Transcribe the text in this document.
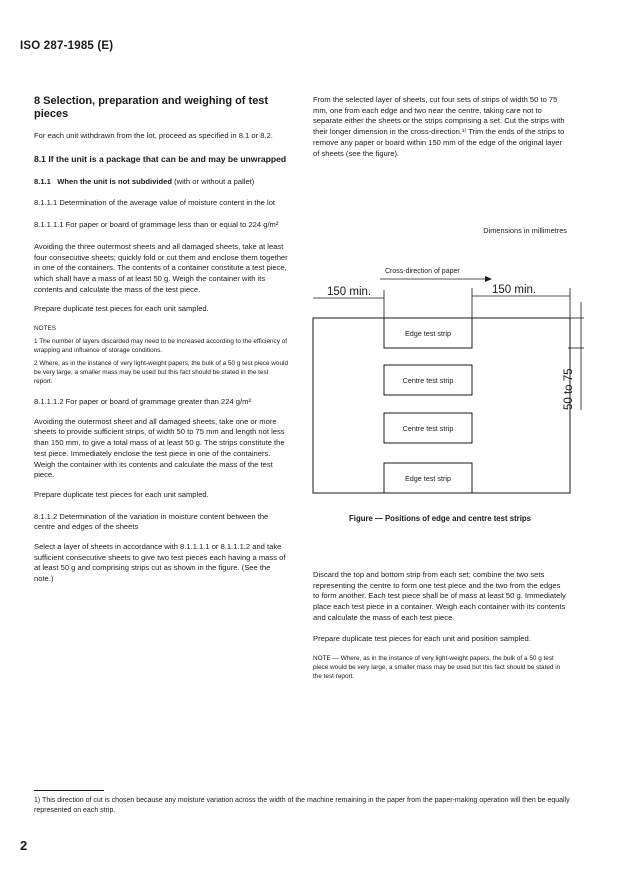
ISO 287-1985 (E)

8 Selection, preparation and weighing of test pieces

For each unit withdrawn from the lot, proceed as specified in 8.1 or 8.2.

8.1 If the unit is a package that can be and may be unwrapped

8.1.1 When the unit is not subdivided (with or without a pallet)

8.1.1.1 Determination of the average value of moisture content in the lot

8.1.1.1.1 For paper or board of grammage less than or equal to 224 g/m²

Avoiding the three outermost sheets and all damaged sheets, take at least four consecutive sheets; quickly fold or cut them and enclose them together in one of the containers. The contents of a container constitute a test piece, which shall have a mass of at least 50 g. Weigh the container with its contents and calculate the mass of the test piece.

Prepare duplicate test pieces for each unit sampled.

NOTES

1 The number of layers discarded may need to be increased according to the efficiency of wrapping and influence of storage conditions.

2 Where, as in the instance of very light-weight papers, the bulk of a 50 g test piece would be very large, a smaller mass may be used but this fact should be stated in the test report.

8.1.1.1.2 For paper or board of grammage greater than 224 g/m²

Avoiding the outermost sheet and all damaged sheets, take one or more sheets to provide sufficient strips, of width 50 to 75 mm and length not less than 150 mm, to give a total mass of at least 50 g. The strips constitute the test piece. Immediately enclose the test piece in one of the containers. Weigh the container with its contents and calculate the mass of the test piece.

Prepare duplicate test pieces for each unit sampled.

8.1.1.2 Determination of the variation in moisture content between the centre and edges of the sheets

Select a layer of sheets in accordance with 8.1.1.1.1 or 8.1.1.1.2 and take sufficient consecutive sheets to give two test pieces each having a mass of at least 50 g and comprising strips cut as shown in the figure. (See the note.)

From the selected layer of sheets, cut four sets of strips of width 50 to 75 mm, one from each edge and two near the centre, taking care not to separate either the sheets or the strips comprising a set. Cut the strips with their longer dimension in the cross-direction.¹⁾ Trim the ends of the strips to remove any paper or board within 150 mm of the edge of the original layer of sheets (see the figure).

Dimensions in millimetres
Cross-direction of paper
150 min.	150 min.
50 to 75
Edge test strip
Centre test strip
Centre test strip
Edge test strip
Figure — Positions of edge and centre test strips

Discard the top and bottom strip from each set; combine the two sets representing the centre to form one test piece and the two from the edges to form another. Each test piece shall be of mass at least 50 g. Immediately place each test piece in a container. Weigh each container with its contents and calculate the mass of each test piece.

Prepare duplicate test pieces for each unit and position sampled.

NOTE — Where, as in the instance of very light-weight papers, the bulk of a 50 g test piece would be very large, a smaller mass may be used but this fact should be stated in the test report.

1) This direction of cut is chosen because any moisture variation across the width of the machine remaining in the paper from the paper-making operation will then be equally represented on each strip.
2
